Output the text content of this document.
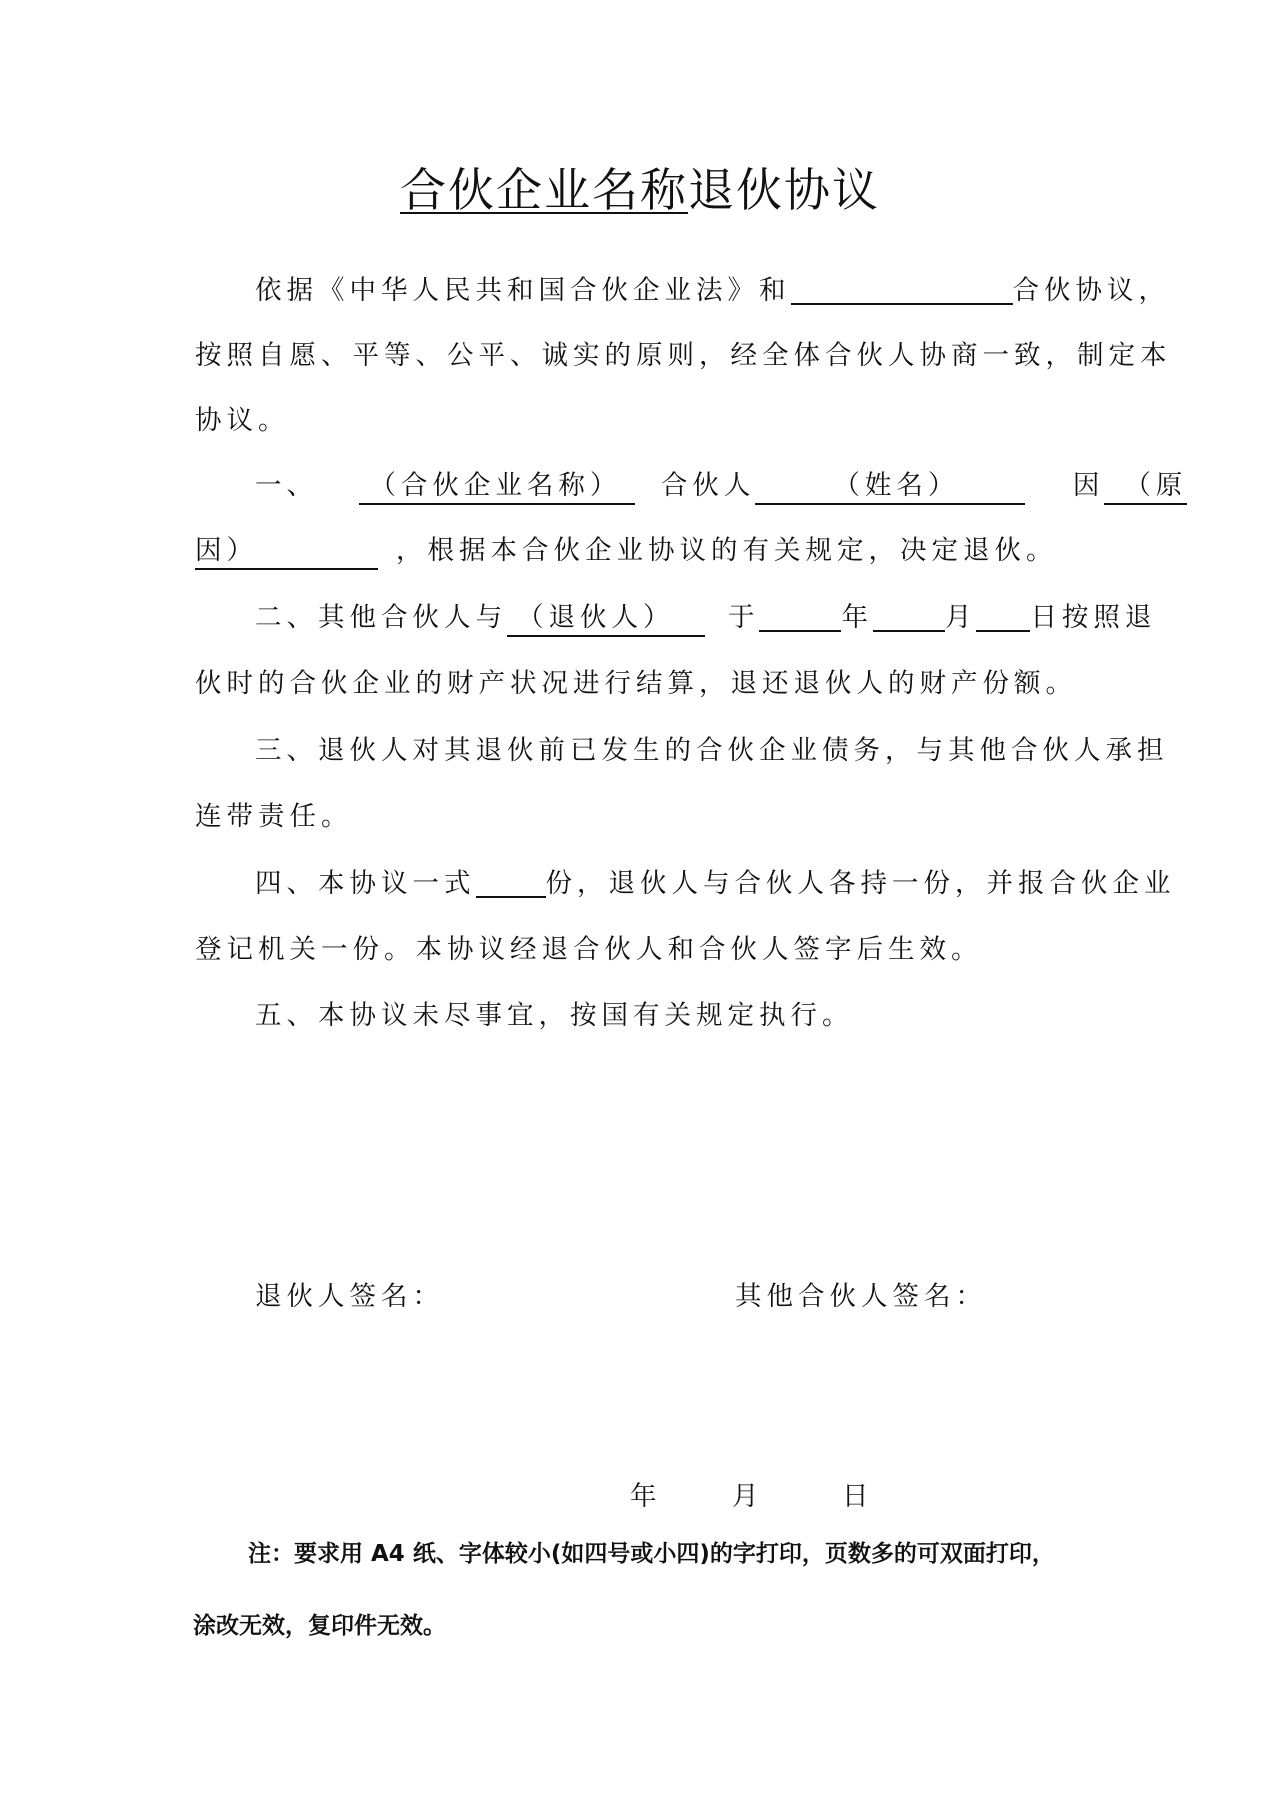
合伙企业名称退伙协议
依据《中华人民共和国合伙企业法》和	合伙协议，
按照自愿、平等、公平、诚实的原则，经全体合伙人协商一致，制定本
协议。
一、 （合伙企业名称） 合伙人	（姓名）	因 （原
因）	，根据本合伙企业协议的有关规定，决定退伙。
二、其他合伙人与 （退伙人） 于	年	月 日按照退
伙时的合伙企业的财产状况进行结算，退还退伙人的财产份额。
三、退伙人对其退伙前已发生的合伙企业债务，与其他合伙人承担
连带责任。
四、本协议一式	份，退伙人与合伙人各持一份，并报合伙企业
登记机关一份。本协议经退合伙人和合伙人签字后生效。
五、本协议未尽事宜，按国有关规定执行。
退伙人签名：	其他合伙人签名：
年	月	日
注：要求用 A4 纸、字体较小(如四号或小四)的字打印，页数多的可双面打印，
涂改无效，复印件无效。
